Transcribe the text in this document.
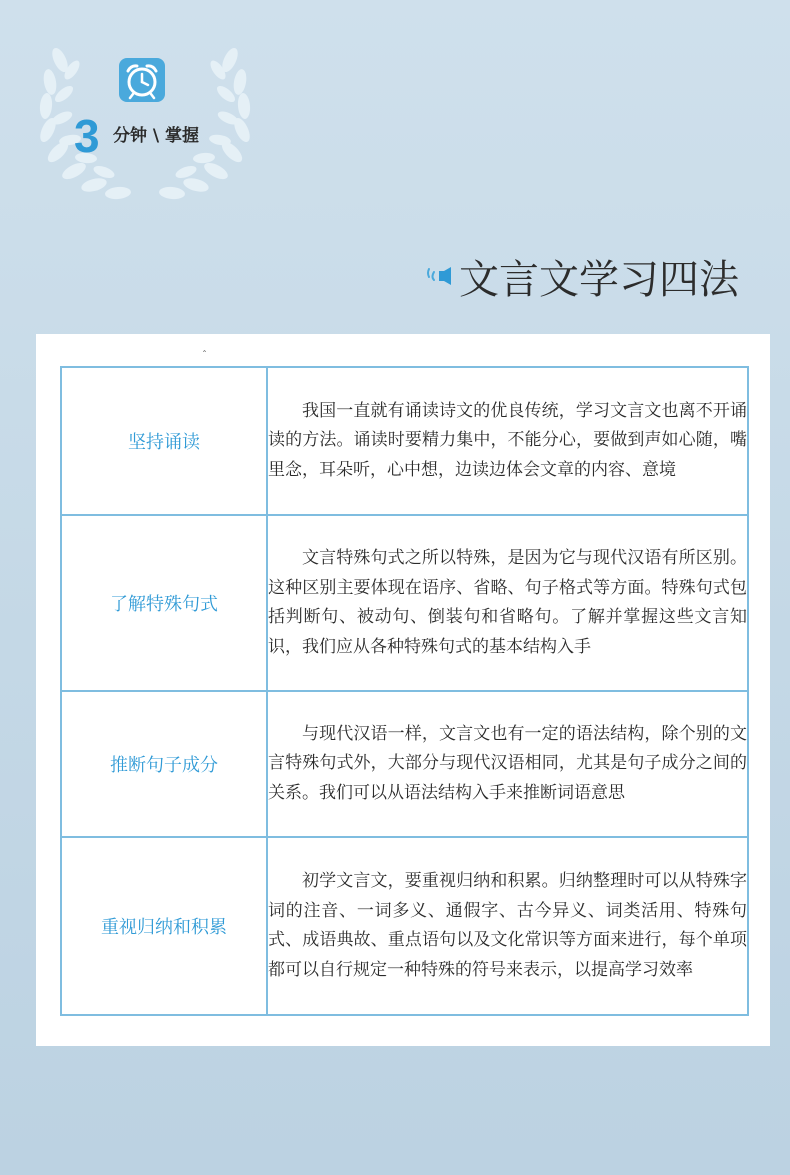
3 分钟 \ 掌握
文言文学习四法
ˆ
坚持诵读	我国一直就有诵读诗文的优良传统，学习文言文也离不开诵读的方法。诵读时要精力集中，不能分心，要做到声如心随，嘴里念，耳朵听，心中想，边读边体会文章的内容、意境
了解特殊句式	文言特殊句式之所以特殊，是因为它与现代汉语有所区别。这种区别主要体现在语序、省略、句子格式等方面。特殊句式包括判断句、被动句、倒装句和省略句。了解并掌握这些文言知识，我们应从各种特殊句式的基本结构入手
推断句子成分	与现代汉语一样，文言文也有一定的语法结构，除个别的文言特殊句式外，大部分与现代汉语相同，尤其是句子成分之间的关系。我们可以从语法结构入手来推断词语意思
重视归纳和积累	初学文言文，要重视归纳和积累。归纳整理时可以从特殊字词的注音、一词多义、通假字、古今异义、词类活用、特殊句式、成语典故、重点语句以及文化常识等方面来进行，每个单项都可以自行规定一种特殊的符号来表示，以提高学习效率
